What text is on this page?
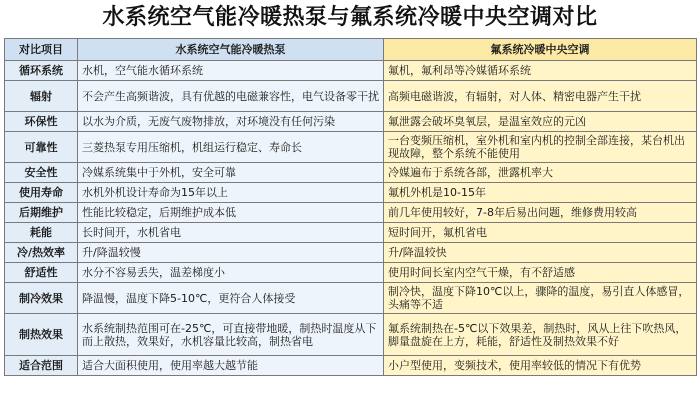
水系统空气能冷暖热泵与氟系统冷暖中央空调对比
对比项目	水系统空气能冷暖热泵	氟系统冷暖中央空调
循环系统	水机，空气能水循环系统	氟机，氟利昂等冷媒循环系统
辐射	不会产生高频谐波，具有优越的电磁兼容性，电气设备零干扰	高频电磁谐波，有辐射，对人体、精密电器产生干扰
环保性	以水为介质，无废气废物排放，对环境没有任何污染	氟泄露会破坏臭氧层，是温室效应的元凶
可靠性	三菱热泵专用压缩机，机组运行稳定、寿命长	一台变频压缩机，室外机和室内机的控制全部连接，某台机出现故障，整个系统不能使用
安全性	冷媒系统集中于外机，安全可靠	冷媒遍布于系统各部，泄露机率大
使用寿命	水机外机设计寿命为15年以上	氟机外机是10-15年
后期维护	性能比较稳定，后期维护成本低	前几年使用较好，7-8年后易出问题，维修费用较高
耗能	长时间开，水机省电	短时间开，氟机省电
冷/热效率	升/降温较慢	升/降温较快
舒适性	水分不容易丢失，温差梯度小	使用时间长室内空气干燥，有不舒适感
制冷效果	降温慢，温度下降5-10℃，更符合人体接受	制冷快，温度下降10℃以上，骤降的温度，易引直人体感冒，头痛等不适
制热效果	水系统制热范围可在-25℃，可直接带地暖，制热时温度从下而上散热，效果好，水机容量比较高，制热省电	氟系统制热在-5℃以下效果差，制热时，风从上往下吹热风，脚量盘旋在上方，耗能，舒适性及制热效果不好
适合范围	适合大面积使用，使用率越大越节能	小户型使用，变频技术，使用率较低的情况下有优势
